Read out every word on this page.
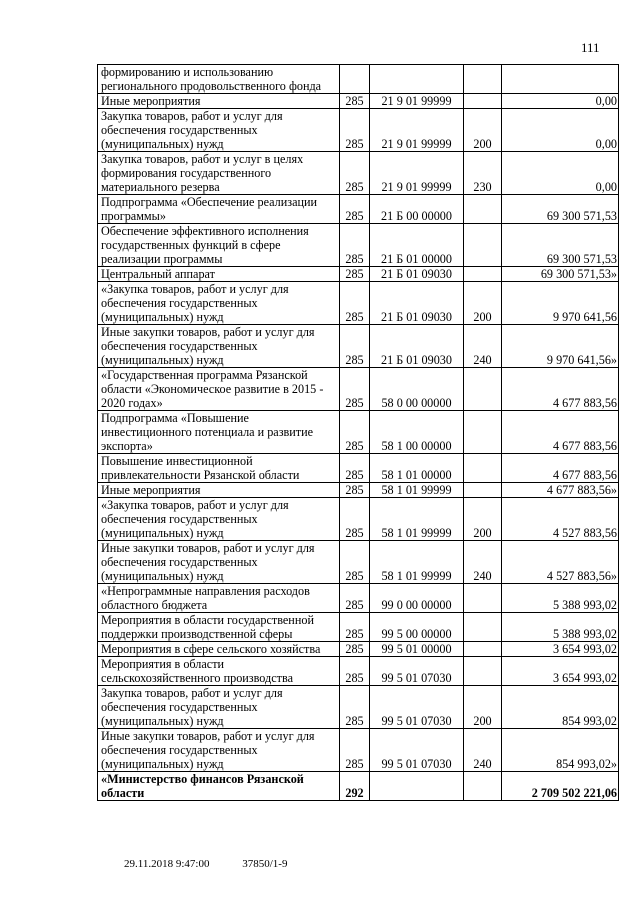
111
формированию и использованию регионального продовольственного фонда				
Иные мероприятия	285	21 9 01 99999		0,00
Закупка товаров, работ и услуг для обеспечения государственных (муниципальных) нужд	285	21 9 01 99999	200	0,00
Закупка товаров, работ и услуг в целях формирования государственного материального резерва	285	21 9 01 99999	230	0,00
Подпрограмма «Обеспечение реализации программы»	285	21 Б 00 00000		69 300 571,53
Обеспечение эффективного исполнения государственных функций в сфере реализации программы	285	21 Б 01 00000		69 300 571,53
Центральный аппарат	285	21 Б 01 09030		69 300 571,53»
«Закупка товаров, работ и услуг для обеспечения государственных (муниципальных) нужд	285	21 Б 01 09030	200	9 970 641,56
Иные закупки товаров, работ и услуг для обеспечения государственных (муниципальных) нужд	285	21 Б 01 09030	240	9 970 641,56»
«Государственная программа Рязанской области «Экономическое развитие в 2015 - 2020 годах»	285	58 0 00 00000		4 677 883,56
Подпрограмма «Повышение инвестиционного потенциала и развитие экспорта»	285	58 1 00 00000		4 677 883,56
Повышение инвестиционной привлекательности Рязанской области	285	58 1 01 00000		4 677 883,56
Иные мероприятия	285	58 1 01 99999		4 677 883,56»
«Закупка товаров, работ и услуг для обеспечения государственных (муниципальных) нужд	285	58 1 01 99999	200	4 527 883,56
Иные закупки товаров, работ и услуг для обеспечения государственных (муниципальных) нужд	285	58 1 01 99999	240	4 527 883,56»
«Непрограммные направления расходов областного бюджета	285	99 0 00 00000		5 388 993,02
Мероприятия в области государственной поддержки производственной сферы	285	99 5 00 00000		5 388 993,02
Мероприятия в сфере сельского хозяйства	285	99 5 01 00000		3 654 993,02
Мероприятия в области сельскохозяйственного производства	285	99 5 01 07030		3 654 993,02
Закупка товаров, работ и услуг для обеспечения государственных (муниципальных) нужд	285	99 5 01 07030	200	854 993,02
Иные закупки товаров, работ и услуг для обеспечения государственных (муниципальных) нужд	285	99 5 01 07030	240	854 993,02»
«Министерство финансов Рязанской области	292			2 709 502 221,06
29.11.2018 9:47:00	37850/1-9
